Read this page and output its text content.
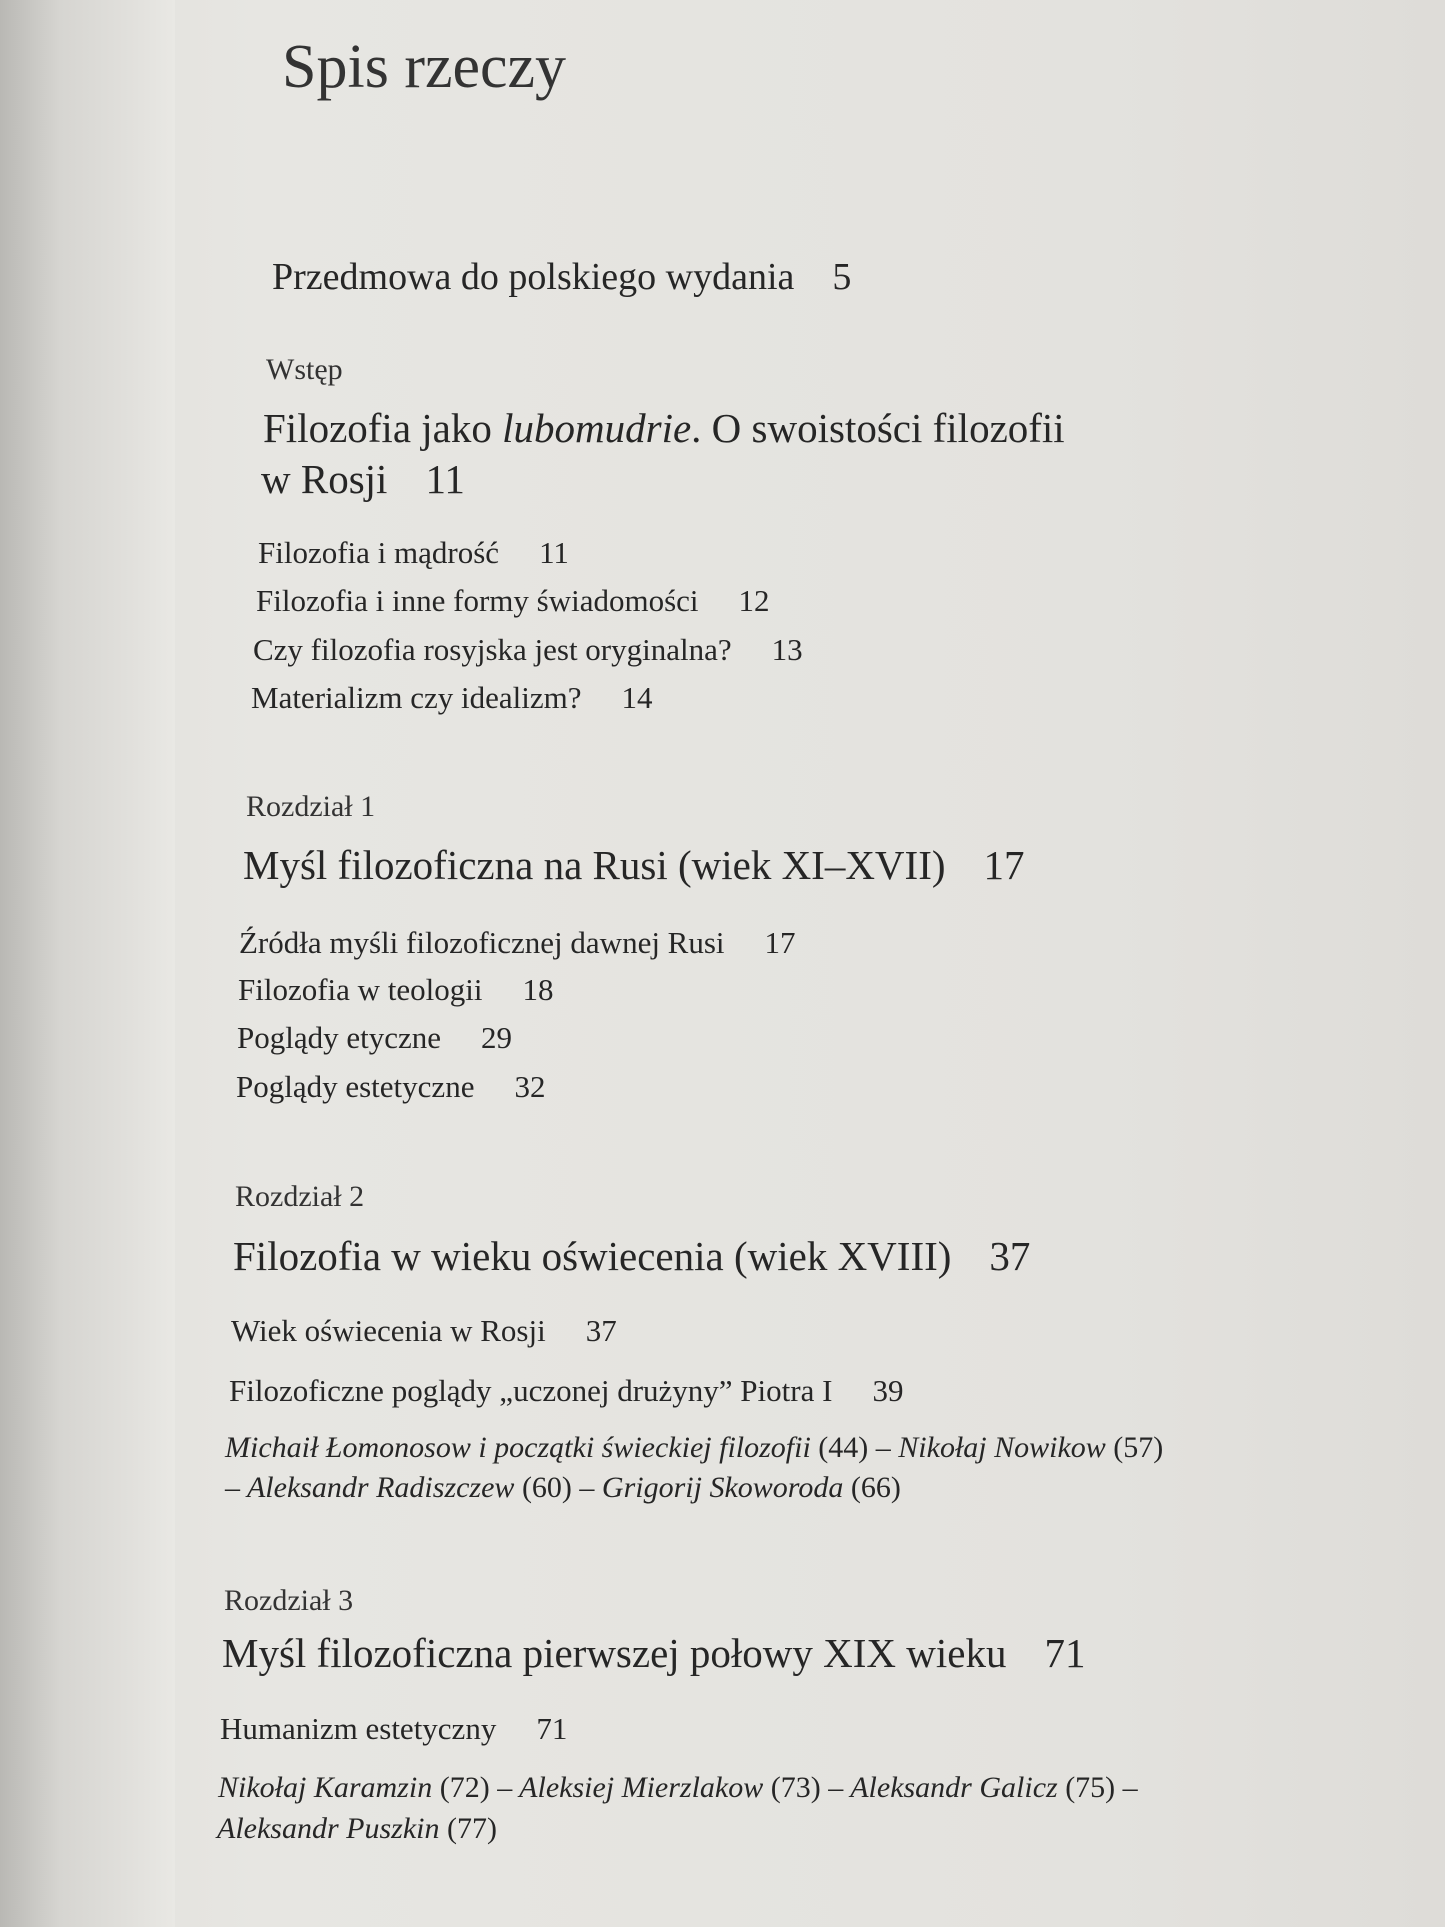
Spis rzeczy
Przedmowa do polskiego wydania 5
Wstęp
Filozofia jako lubomudrie. O swoistości filozofii
w Rosji 11
Filozofia i mądrość 11
Filozofia i inne formy świadomości 12
Czy filozofia rosyjska jest oryginalna? 13
Materializm czy idealizm? 14
Rozdział 1
Myśl filozoficzna na Rusi (wiek XI–XVII) 17
Źródła myśli filozoficznej dawnej Rusi 17
Filozofia w teologii 18
Poglądy etyczne 29
Poglądy estetyczne 32
Rozdział 2
Filozofia w wieku oświecenia (wiek XVIII) 37
Wiek oświecenia w Rosji 37
Filozoficzne poglądy „uczonej drużyny” Piotra I 39
Michaił Łomonosow i początki świeckiej filozofii (44) – Nikołaj Nowikow (57)
– Aleksandr Radiszczew (60) – Grigorij Skoworoda (66)
Rozdział 3
Myśl filozoficzna pierwszej połowy XIX wieku 71
Humanizm estetyczny 71
Nikołaj Karamzin (72) – Aleksiej Mierzlakow (73) – Aleksandr Galicz (75) –
Aleksandr Puszkin (77)
